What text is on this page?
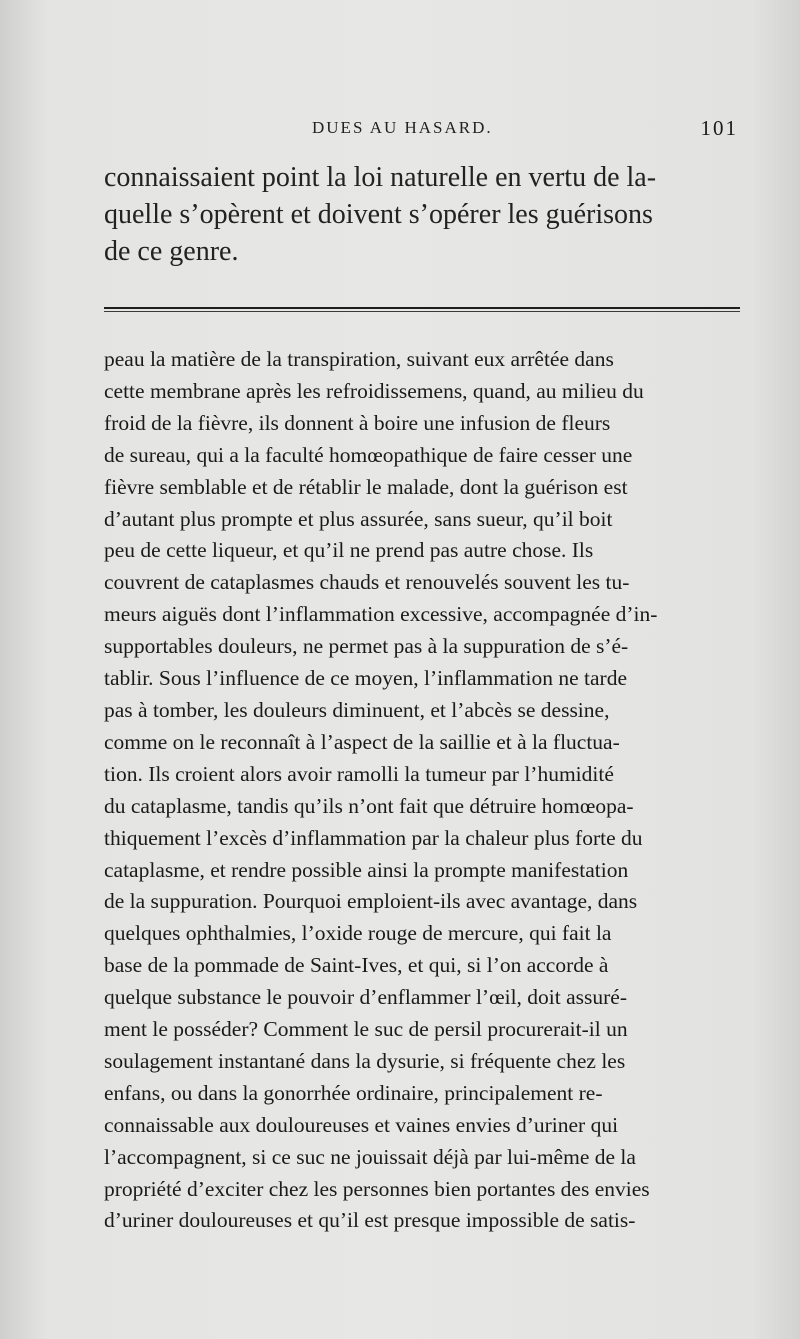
DUES AU HASARD.	101
connaissaient point la loi naturelle en vertu de la-
quelle s’opèrent et doivent s’opérer les guérisons
de ce genre.
peau la matière de la transpiration, suivant eux arrêtée dans
cette membrane après les refroidissemens, quand, au milieu du
froid de la fièvre, ils donnent à boire une infusion de fleurs
de sureau, qui a la faculté homœopathique de faire cesser une
fièvre semblable et de rétablir le malade, dont la guérison est
d’autant plus prompte et plus assurée, sans sueur, qu’il boit
peu de cette liqueur, et qu’il ne prend pas autre chose. Ils
couvrent de cataplasmes chauds et renouvelés souvent les tu-
meurs aiguës dont l’inflammation excessive, accompagnée d’in-
supportables douleurs, ne permet pas à la suppuration de s’é-
tablir. Sous l’influence de ce moyen, l’inflammation ne tarde
pas à tomber, les douleurs diminuent, et l’abcès se dessine,
comme on le reconnaît à l’aspect de la saillie et à la fluctua-
tion. Ils croient alors avoir ramolli la tumeur par l’humidité
du cataplasme, tandis qu’ils n’ont fait que détruire homœopa-
thiquement l’excès d’inflammation par la chaleur plus forte du
cataplasme, et rendre possible ainsi la prompte manifestation
de la suppuration. Pourquoi emploient-ils avec avantage, dans
quelques ophthalmies, l’oxide rouge de mercure, qui fait la
base de la pommade de Saint-Ives, et qui, si l’on accorde à
quelque substance le pouvoir d’enflammer l’œil, doit assuré-
ment le posséder? Comment le suc de persil procurerait-il un
soulagement instantané dans la dysurie, si fréquente chez les
enfans, ou dans la gonorrhée ordinaire, principalement re-
connaissable aux douloureuses et vaines envies d’uriner qui
l’accompagnent, si ce suc ne jouissait déjà par lui-même de la
propriété d’exciter chez les personnes bien portantes des envies
d’uriner douloureuses et qu’il est presque impossible de satis-
